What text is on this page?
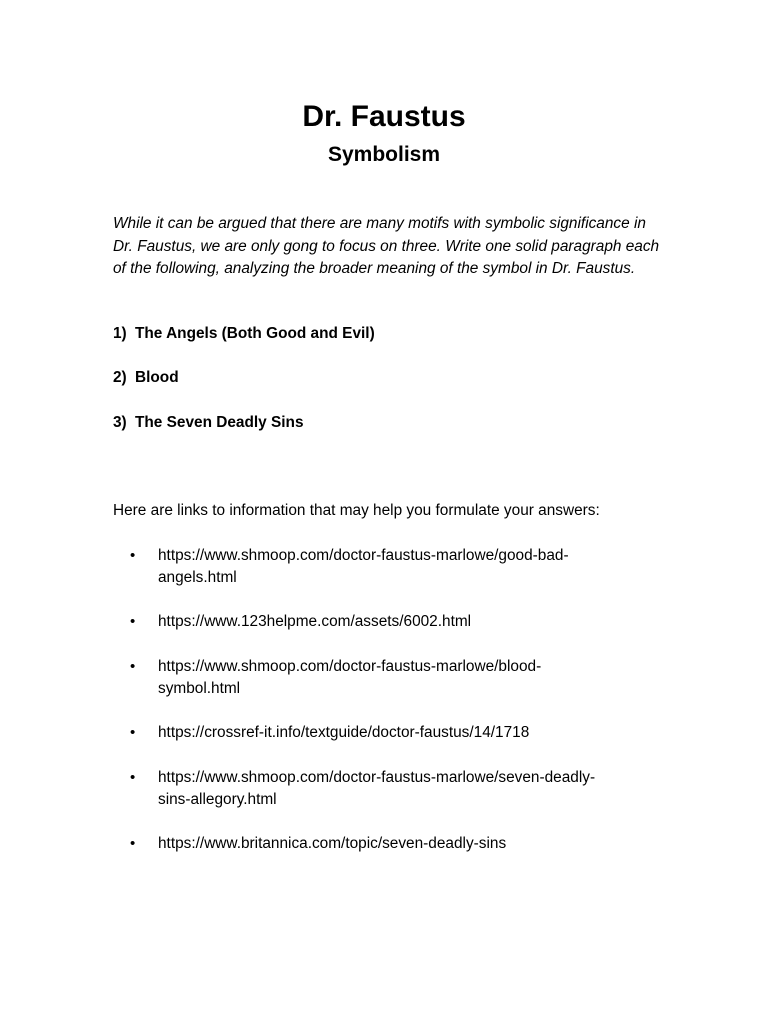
Dr. Faustus
Symbolism

While it can be argued that there are many motifs with symbolic significance in Dr. Faustus, we are only gong to focus on three. Write one solid paragraph each of the following, analyzing the broader meaning of the symbol in Dr. Faustus.

1) The Angels (Both Good and Evil)

2) Blood

3) The Seven Deadly Sins

Here are links to information that may help you formulate your answers:

•	https://www.shmoop.com/doctor-faustus-marlowe/good-bad-
angels.html
•	https://www.123helpme.com/assets/6002.html
•	https://www.shmoop.com/doctor-faustus-marlowe/blood-
symbol.html
•	https://crossref-it.info/textguide/doctor-faustus/14/1718
•	https://www.shmoop.com/doctor-faustus-marlowe/seven-deadly-
sins-allegory.html
•	https://www.britannica.com/topic/seven-deadly-sins
